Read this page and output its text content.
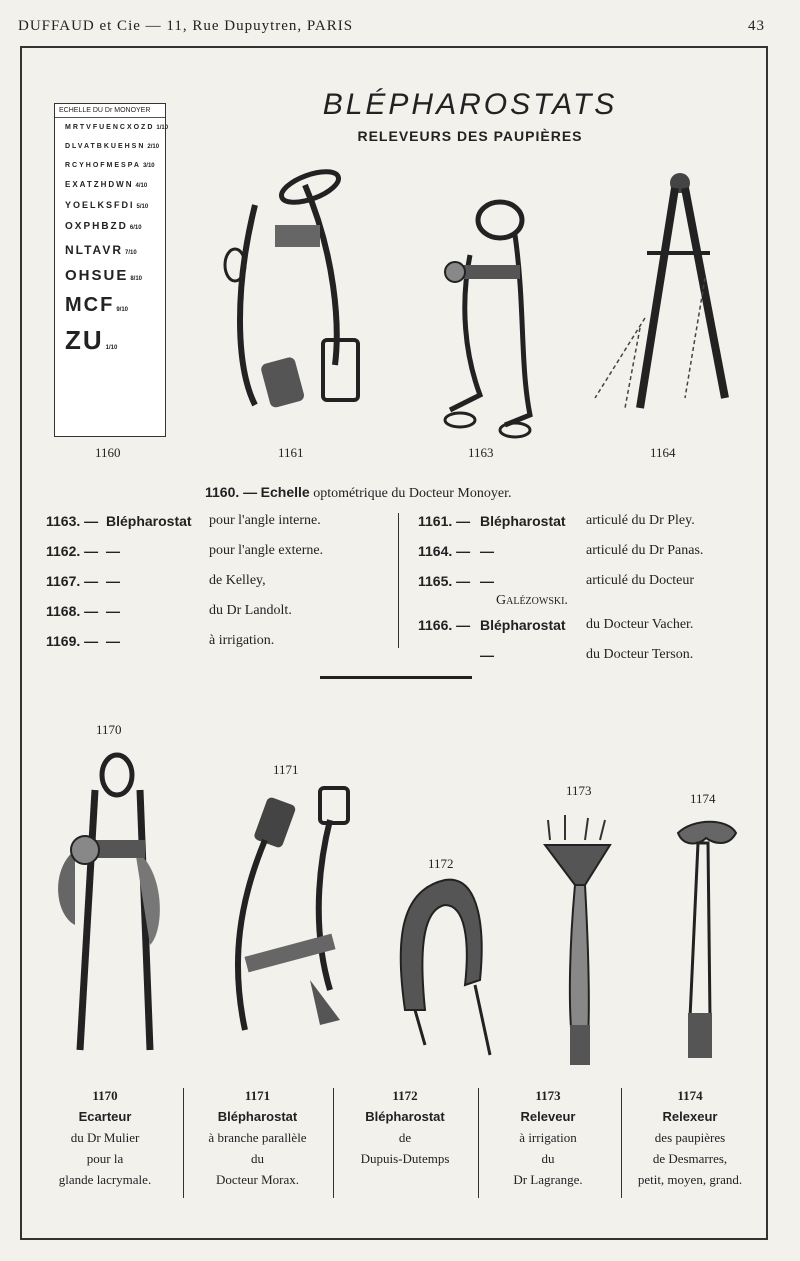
DUFFAUD et Cie — 11, Rue Dupuytren, PARIS	43
BLÉPHAROSTATS
RELEVEURS DES PAUPIÈRES
ECHELLE DU Dr MONOYER
MRTVFUENCXOZD 1/10
DLVATBKUEHSN 2/10
RCYHOFMESPA 3/10
EXATZHDWN 4/10
YOELKSFDI 5/10
OXPHBZD 6/10
NLTAVR 7/10
OHSUE 8/10
MCF 9/10
ZU 1/10
1160	1161	1163	1164
1160. — Echelle optométrique du Docteur Monoyer.
1163. — Blépharostat pour l'angle interne.
1162. — —	pour l'angle externe.
1167. — —	de Kelley,
1168. — —	du Dr Landolt.
1169. — —	à irrigation.
1161. — Blépharostat articulé du Dr Pley.
1164. — —	articulé du Dr Panas.
1165. — —	articulé du Docteur
Galézowski.
1166. — Blépharostat du Docteur Vacher.
—	du Docteur Terson.
1170
1171
1172
1173
1174
1170
Ecarteur
du Dr Mulier
pour la
glande lacrymale.
1171
Blépharostat
à branche parallèle
du
Docteur Morax.
1172
Blépharostat
de
Dupuis-Dutemps
1173
Releveur
à irrigation
du
Dr Lagrange.
1174
Relexeur
des paupières
de Desmarres,
petit, moyen, grand.
